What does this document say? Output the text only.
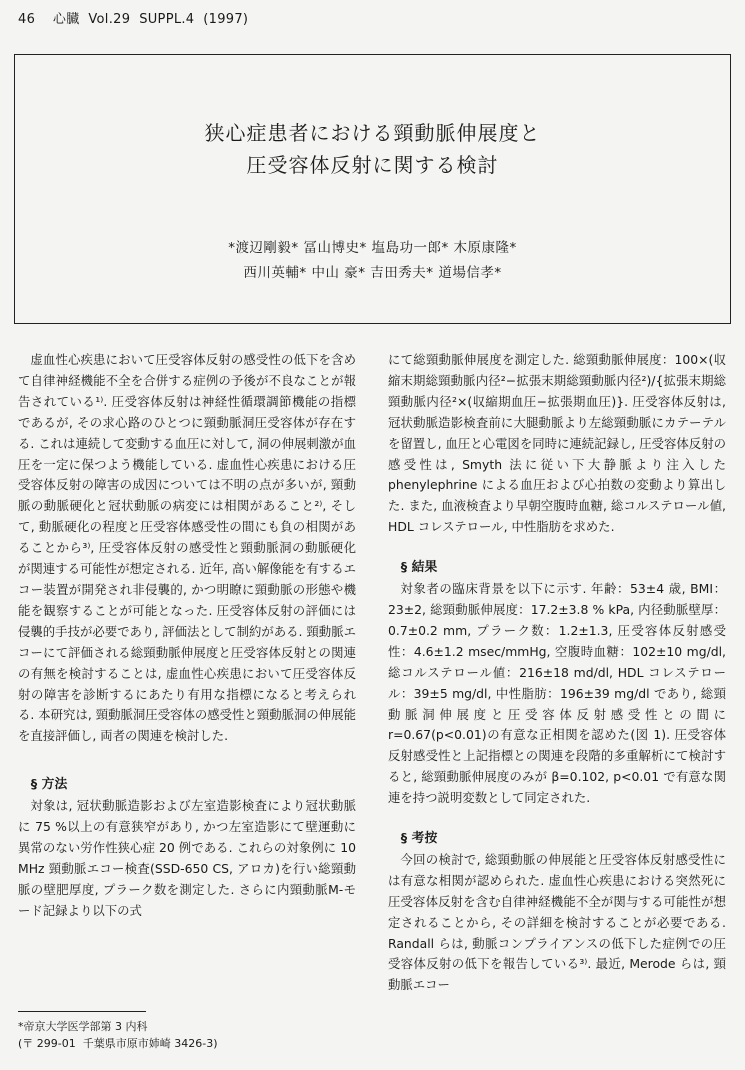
46 心臓 Vol.29 SUPPL.4 (1997)
狭心症患者における頸動脈伸展度と
圧受容体反射に関する検討
*渡辺剛毅* 冨山博史* 塩島功一郎* 木原康隆*
西川英輔* 中山 豪* 吉田秀夫* 道場信孝*

虚血性心疾患において圧受容体反射の感受性の低下を含めて自律神経機能不全を合併する症例の予後が不良なことが報告されている¹⁾. 圧受容体反射は神経性循環調節機能の指標であるが, その求心路のひとつに頸動脈洞圧受容体が存在する. これは連続して変動する血圧に対して, 洞の伸展刺激が血圧を一定に保つよう機能している. 虚血性心疾患における圧受容体反射の障害の成因については不明の点が多いが, 頸動脈の動脈硬化と冠状動脈の病変には相関があること²⁾, そして, 動脈硬化の程度と圧受容体感受性の間にも負の相関があることから³⁾, 圧受容体反射の感受性と頸動脈洞の動脈硬化が関連する可能性が想定される. 近年, 高い解像能を有するエコー装置が開発され非侵襲的, かつ明瞭に頸動脈の形態や機能を観察することが可能となった. 圧受容体反射の評価には侵襲的手技が必要であり, 評価法として制約がある. 頸動脈エコーにて評価される総頸動脈伸展度と圧受容体反射との関連の有無を検討することは, 虚血性心疾患において圧受容体反射の障害を診断するにあたり有用な指標になると考えられる. 本研究は, 頸動脈洞圧受容体の感受性と頸動脈洞の伸展能を直接評価し, 両者の関連を検討した.

§ 方法

対象は, 冠状動脈造影および左室造影検査により冠状動脈に 75 %以上の有意狭窄があり, かつ左室造影にて壁運動に異常のない労作性狭心症 20 例である. これらの対象例に 10 MHz 頸動脈エコー検査(SSD-650 CS, アロカ)を行い総頸動脈の壁肥厚度, プラーク数を測定した. さらに内頸動脈M-モード記録より以下の式

にて総頸動脈伸展度を測定した. 総頸動脈伸展度：100×(収縮末期総頸動脈内径²−拡張末期総頸動脈内径²)/{拡張末期総頸動脈内径²×(収縮期血圧−拡張期血圧)}. 圧受容体反射は, 冠状動脈造影検査前に大腿動脈より左総頸動脈にカテーテルを留置し, 血圧と心電図を同時に連続記録し, 圧受容体反射の感受性は, Smyth 法に従い下大静脈より注入した phenylephrine による血圧および心拍数の変動より算出した. また, 血液検査より早朝空腹時血糖, 総コルステロール値, HDL コレステロール, 中性脂肪を求めた.

§ 結果

対象者の臨床背景を以下に示す. 年齢：53±4 歳, BMI：23±2, 総頸動脈伸展度：17.2±3.8 % kPa, 内径動脈壁厚：0.7±0.2 mm, プラーク数：1.2±1.3, 圧受容体反射感受性：4.6±1.2 msec/mmHg, 空腹時血糖：102±10 mg/dl, 総コルステロール値：216±18 md/dl, HDL コレステロール：39±5 mg/dl, 中性脂肪：196±39 mg/dl であり, 総頸動脈洞伸展度と圧受容体反射感受性との間に r=0.67(p<0.01)の有意な正相関を認めた(図 1). 圧受容体反射感受性と上記指標との関連を段階的多重解析にて検討すると, 総頸動脈伸展度のみが β=0.102, p<0.01 で有意な関連を持つ説明変数として同定された.

§ 考按

今回の検討で, 総頸動脈の伸展能と圧受容体反射感受性には有意な相関が認められた. 虚血性心疾患における突然死に圧受容体反射を含む自律神経機能不全が関与する可能性が想定されることから, その詳細を検討することが必要である. Randall らは, 動脈コンプライアンスの低下した症例での圧受容体反射の低下を報告している³⁾. 最近, Merode らは, 頸動脈エコー

*帝京大学医学部第 3 内科
(〒 299-01  千葉県市原市姉崎 3426-3)
